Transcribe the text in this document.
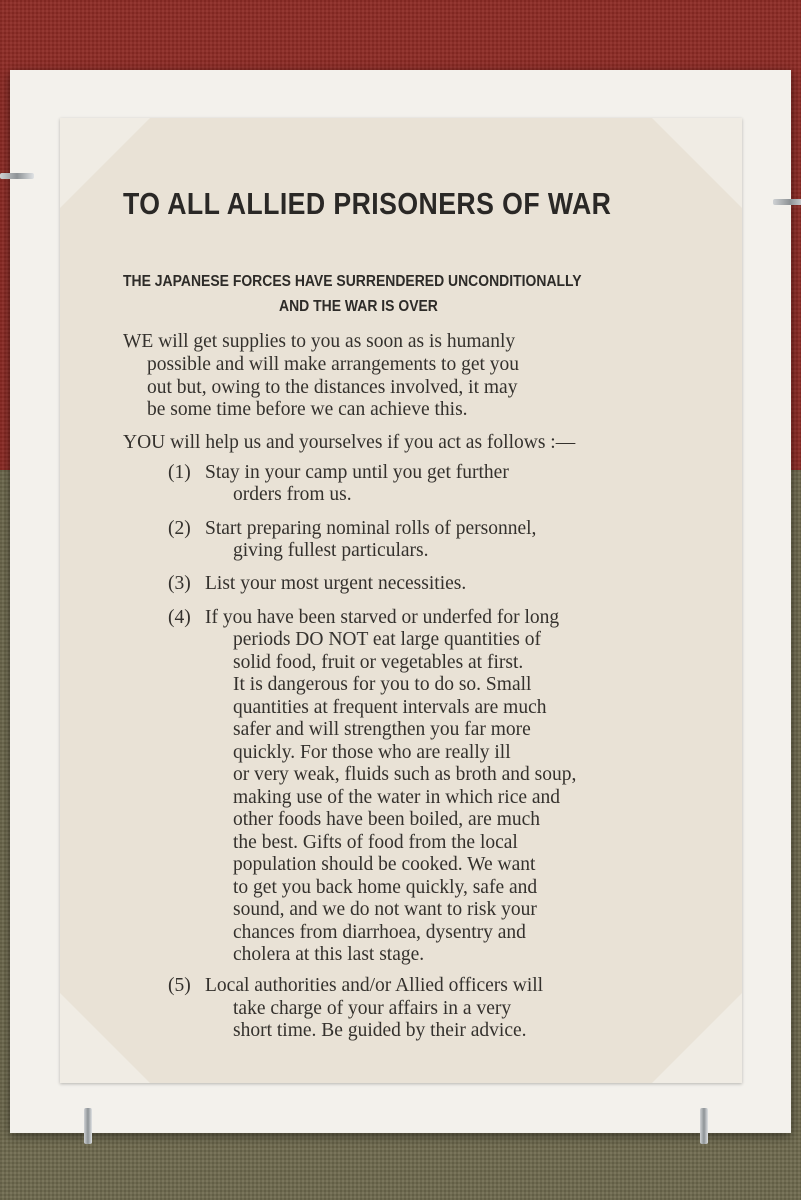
TO ALL ALLIED PRISONERS OF WAR
THE JAPANESE FORCES HAVE SURRENDERED UNCONDITIONALLY
AND THE WAR IS OVER
WE will get supplies to you as soon as is humanly
possible and will make arrangements to get you
out but, owing to the distances involved, it may
be some time before we can achieve this.
YOU will help us and yourselves if you act as follows :—
(1) Stay in your camp until you get further
orders from us.
(2) Start preparing nominal rolls of personnel,
giving fullest particulars.
(3) List your most urgent necessities.
(4) If you have been starved or underfed for long
periods DO NOT eat large quantities of
solid food, fruit or vegetables at first.
It is dangerous for you to do so. Small
quantities at frequent intervals are much
safer and will strengthen you far more
quickly. For those who are really ill
or very weak, fluids such as broth and soup,
making use of the water in which rice and
other foods have been boiled, are much
the best. Gifts of food from the local
population should be cooked. We want
to get you back home quickly, safe and
sound, and we do not want to risk your
chances from diarrhoea, dysentry and
cholera at this last stage.
(5) Local authorities and/or Allied officers will
take charge of your affairs in a very
short time. Be guided by their advice.
